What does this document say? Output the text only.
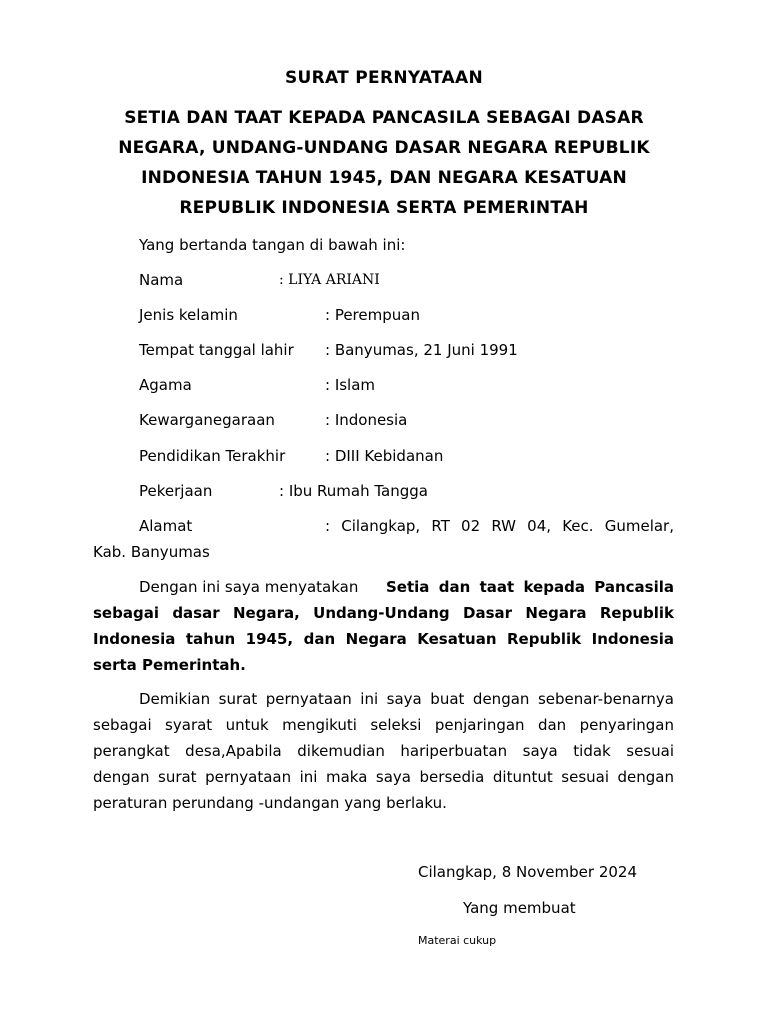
SURAT PERNYATAAN
SETIA DAN TAAT KEPADA PANCASILA SEBAGAI DASAR
NEGARA, UNDANG-UNDANG DASAR NEGARA REPUBLIK
INDONESIA TAHUN 1945, DAN NEGARA KESATUAN
REPUBLIK INDONESIA SERTA PEMERINTAH
Yang bertanda tangan di bawah ini:
Nama	: LIYA ARIANI
Jenis kelamin	: Perempuan
Tempat tanggal lahir : Banyumas, 21 Juni 1991
Agama	: Islam
Kewarganegaraan	: Indonesia
Pendidikan Terakhir	: DIII Kebidanan
Pekerjaan	: Ibu Rumah Tangga
Alamat	: Cilangkap, RT 02 RW 04, Kec. Gumelar,
Kab. Banyumas
Dengan ini saya menyatakan Setia dan taat kepada Pancasila
sebagai dasar Negara, Undang-Undang Dasar Negara Republik
Indonesia tahun 1945, dan Negara Kesatuan Republik Indonesia
serta Pemerintah.
Demikian surat pernyataan ini saya buat dengan sebenar-benarnya
sebagai syarat untuk mengikuti seleksi penjaringan dan penyaringan
perangkat desa,Apabila dikemudian hariperbuatan saya tidak sesuai
dengan surat pernyataan ini maka saya bersedia dituntut sesuai dengan
peraturan perundang -undangan yang berlaku.
Cilangkap, 8 November 2024
Yang membuat
Materai cukup
